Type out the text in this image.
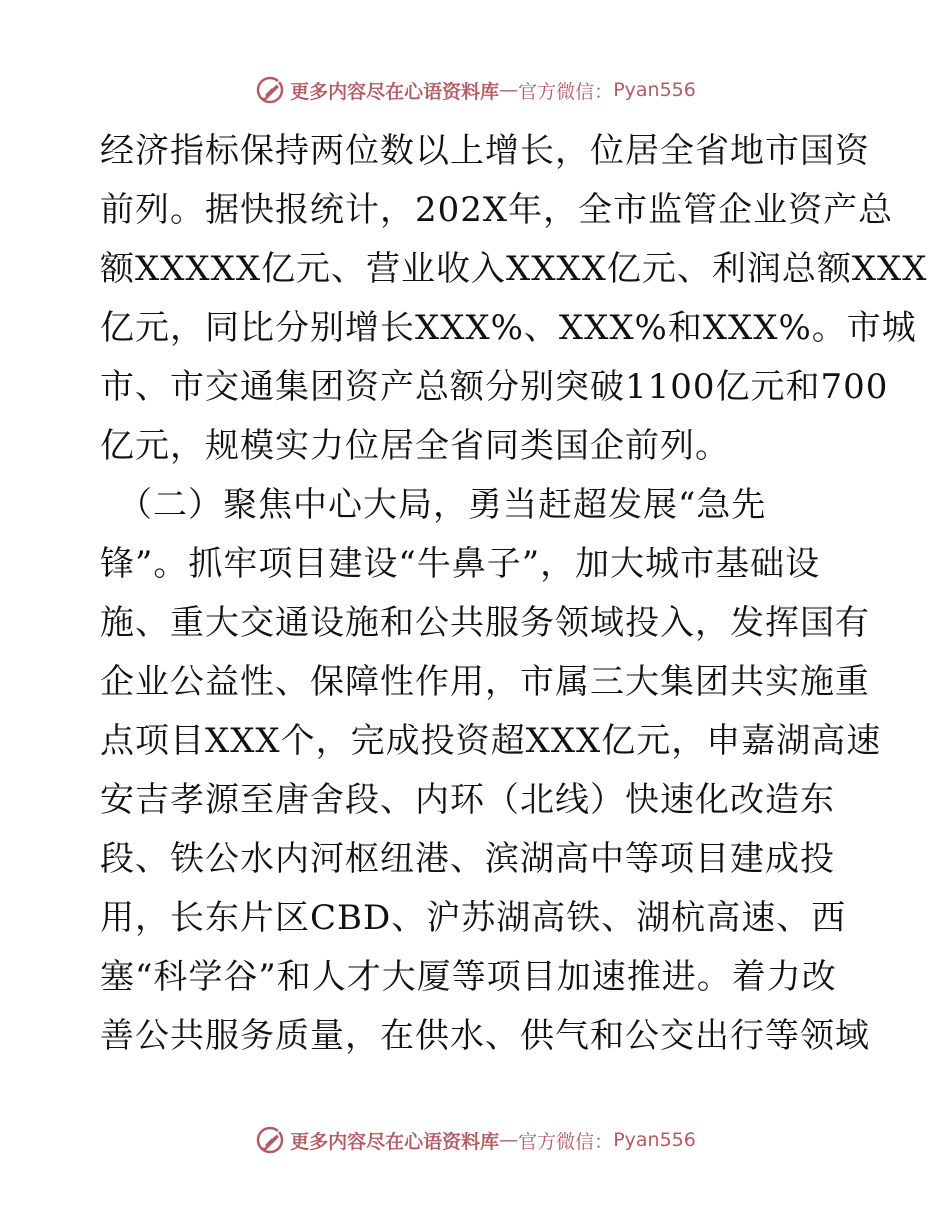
更多内容尽在心语资料库 — 官方微信： Pyan556
经济指标保持两位数以上增长，位居全省地市国资
前列。据快报统计，202X年，全市监管企业资产总
额XXXXX亿元、营业收入XXXX亿元、利润总额XXX
亿元，同比分别增长XXX%、XXX%和XXX%。市城
市、市交通集团资产总额分别突破1100亿元和700
亿元，规模实力位居全省同类国企前列。
（二）聚焦中心大局，勇当赶超发展“急先
锋”。抓牢项目建设“牛鼻子”，加大城市基础设
施、重大交通设施和公共服务领域投入，发挥国有
企业公益性、保障性作用，市属三大集团共实施重
点项目XXX个，完成投资超XXX亿元，申嘉湖高速
安吉孝源至唐舍段、内环（北线）快速化改造东
段、铁公水内河枢纽港、滨湖高中等项目建成投
用，长东片区CBD、沪苏湖高铁、湖杭高速、西
塞“科学谷”和人才大厦等项目加速推进。着力改
善公共服务质量，在供水、供气和公交出行等领域
更多内容尽在心语资料库 — 官方微信： Pyan556
